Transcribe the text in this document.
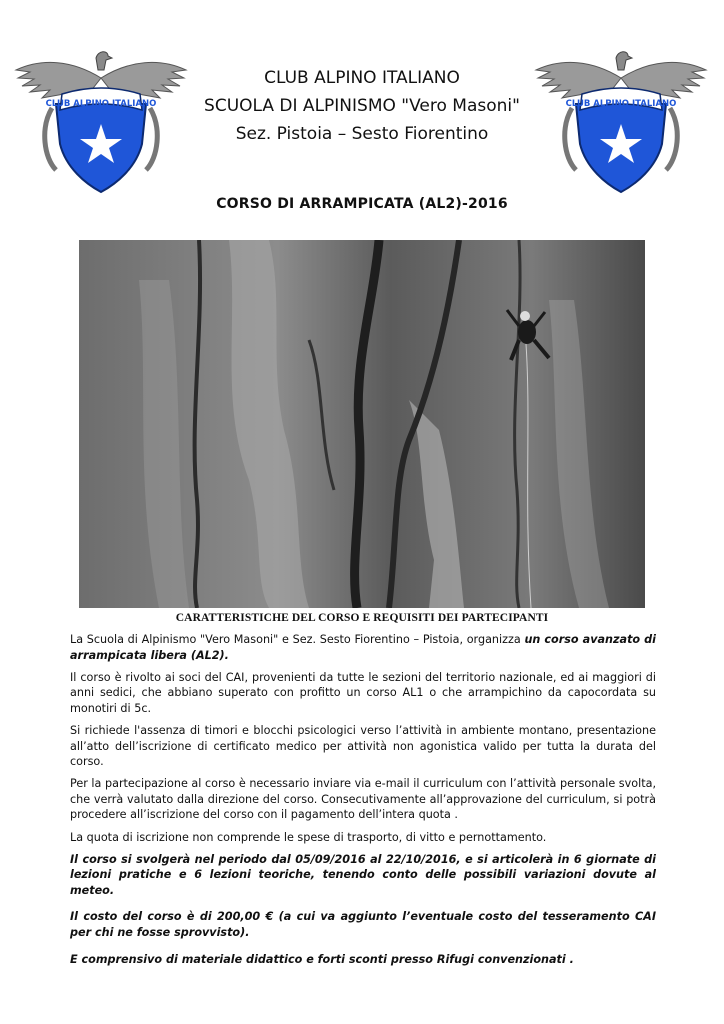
CLUB ALPINO ITALIANO	CLUB ALPINO ITALIANO
CLUB ALPINO ITALIANO
SCUOLA DI ALPINISMO "Vero Masoni"
Sez. Pistoia – Sesto Fiorentino
CORSO DI ARRAMPICATA (AL2)-2016
CARATTERISTICHE DEL CORSO E REQUISITI DEI PARTECIPANTI

La Scuola di Alpinismo "Vero Masoni" e Sez. Sesto Fiorentino – Pistoia, organizza un corso avanzato di arrampicata libera (AL2).

Il corso è rivolto ai soci del CAI, provenienti da tutte le sezioni del territorio nazionale, ed ai maggiori di anni sedici, che abbiano superato con profitto un corso AL1 o che arrampichino da capocordata su monotiri di 5c.

Si richiede l'assenza di timori e blocchi psicologici verso l’attività in ambiente montano, presentazione all’atto dell’iscrizione di certificato medico per attività non agonistica valido per tutta la durata del corso.

Per la partecipazione al corso è necessario inviare via e-mail il curriculum con l’attività personale svolta, che verrà valutato dalla direzione del corso. Consecutivamente all’approvazione del curriculum, si potrà procedere all’iscrizione del corso con il pagamento dell’intera quota .

La quota di iscrizione non comprende le spese di trasporto, di vitto e pernottamento.

Il corso si svolgerà nel periodo dal 05/09/2016 al 22/10/2016, e si articolerà in 6 giornate di lezioni pratiche e 6 lezioni teoriche, tenendo conto delle possibili variazioni dovute al meteo.

Il costo del corso è di 200,00 € (a cui va aggiunto l’eventuale costo del tesseramento CAI per chi ne fosse sprovvisto).

E comprensivo di materiale didattico e forti sconti presso Rifugi convenzionati .
